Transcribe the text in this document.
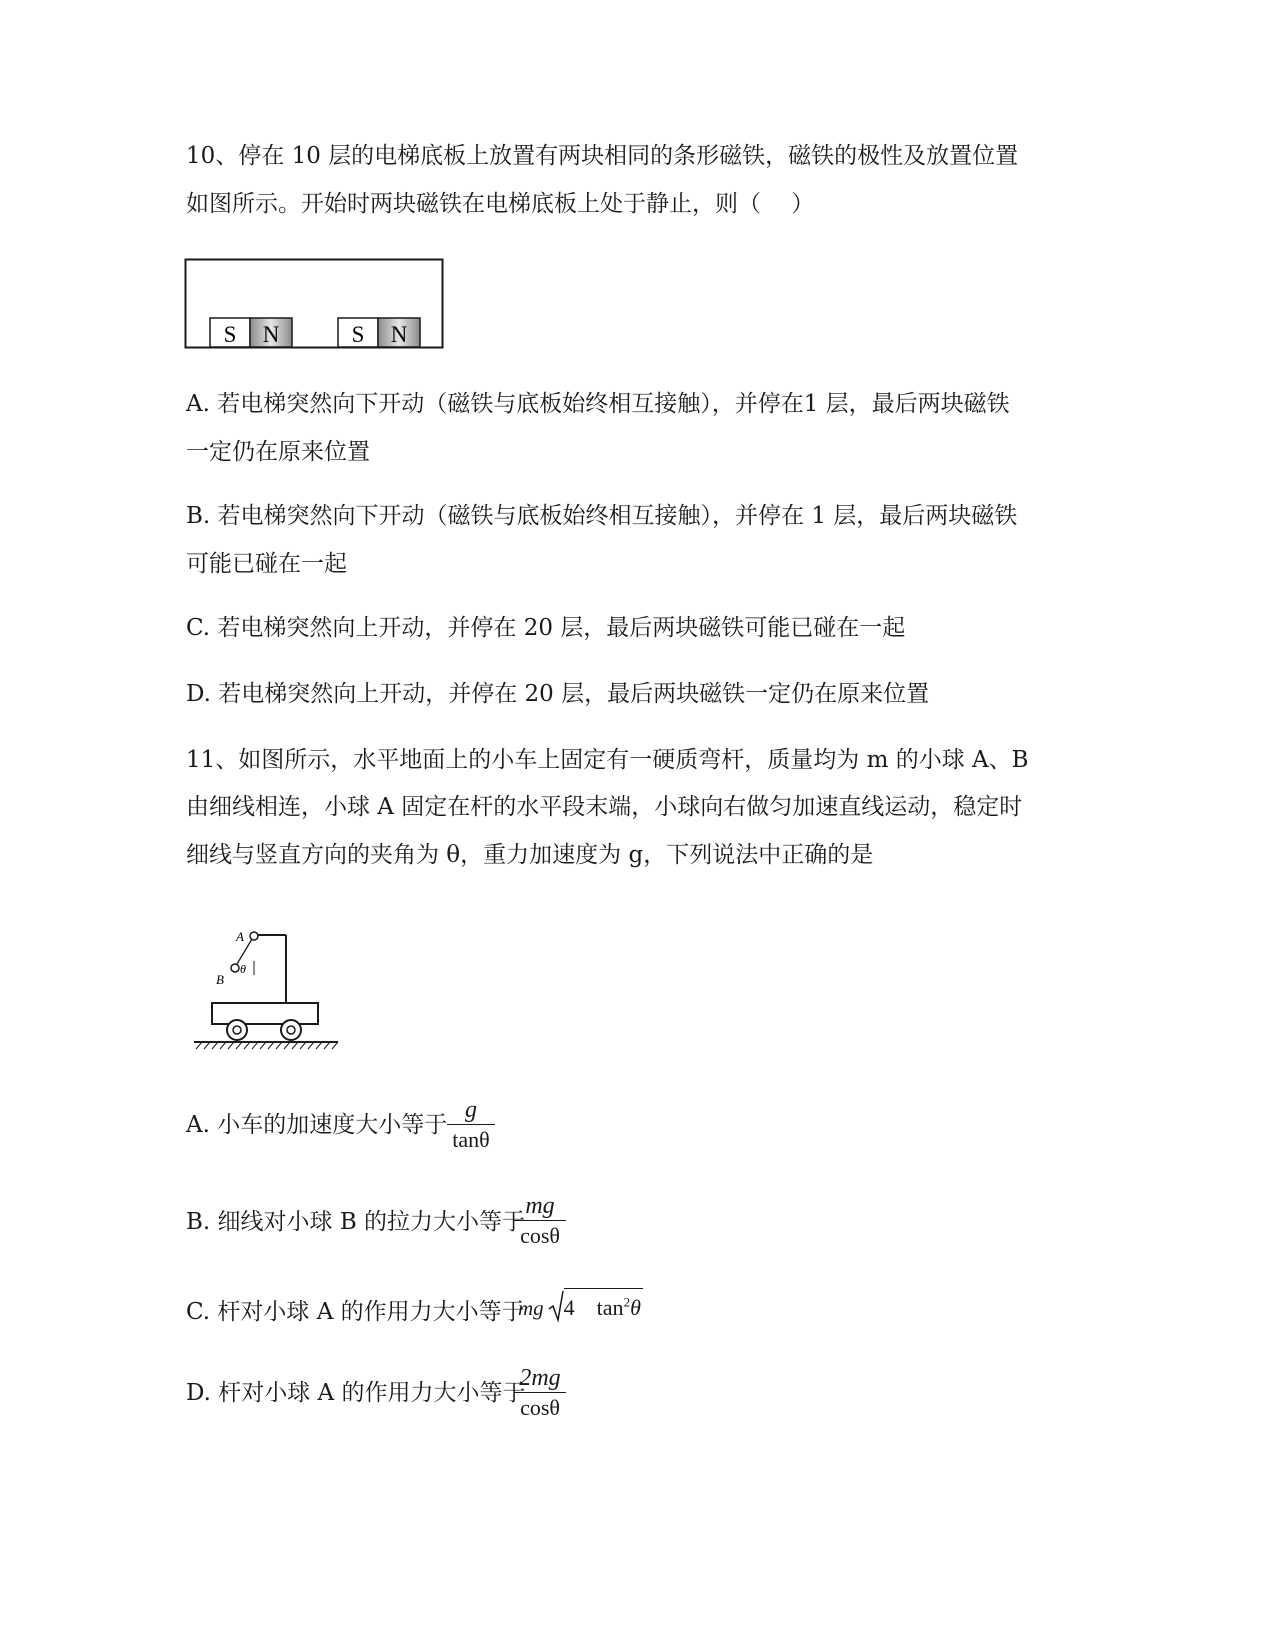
10、停在 10 层的电梯底板上放置有两块相同的条形磁铁，磁铁的极性及放置位置
如图所示。开始时两块磁铁在电梯底板上处于静止，则（　 ）
S N	S N
A. 若电梯突然向下开动（磁铁与底板始终相互接触），并停在1 层，最后两块磁铁
一定仍在原来位置
B. 若电梯突然向下开动（磁铁与底板始终相互接触），并停在 1 层，最后两块磁铁
可能已碰在一起
C. 若电梯突然向上开动，并停在 20 层，最后两块磁铁可能已碰在一起
D. 若电梯突然向上开动，并停在 20 层，最后两块磁铁一定仍在原来位置
11、如图所示，水平地面上的小车上固定有一硬质弯杆，质量均为 m 的小球 A、B
由细线相连，小球 A 固定在杆的水平段末端，小球向右做匀加速直线运动，稳定时
细线与竖直方向的夹角为 θ，重力加速度为 g，下列说法中正确的是
A
B
θ
A. 小车的加速度大小等于
g
tanθ
B. 细线对小球 B 的拉力大小等于
mg
cosθ
C. 杆对小球 A 的作用力大小等于
mg 4　$\tan^2\theta$
D. 杆对小球 A 的作用力大小等于
2mg
cosθ
